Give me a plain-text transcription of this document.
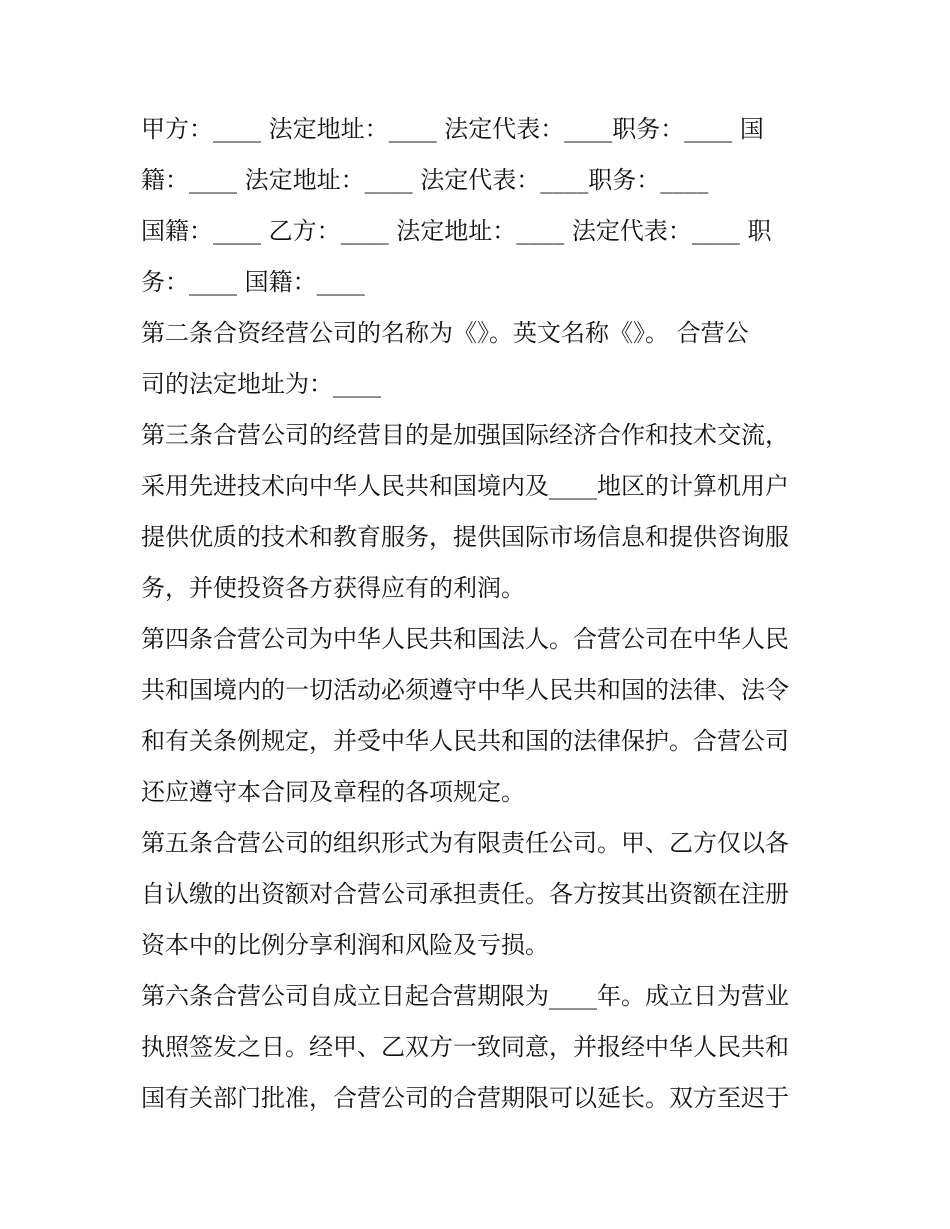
甲方：____ 法定地址：____ 法定代表：____职务：____ 国
籍：____ 法定地址：____ 法定代表：____职务：____
国籍：____ 乙方：____ 法定地址：____ 法定代表：____ 职
务：____ 国籍：____
第二条合资经营公司的名称为《》。英文名称《》。 合营公
司的法定地址为：____
第三条合营公司的经营目的是加强国际经济合作和技术交流，
采用先进技术向中华人民共和国境内及____地区的计算机用户
提供优质的技术和教育服务，提供国际市场信息和提供咨询服
务，并使投资各方获得应有的利润。
第四条合营公司为中华人民共和国法人。合营公司在中华人民
共和国境内的一切活动必须遵守中华人民共和国的法律、法令
和有关条例规定，并受中华人民共和国的法律保护。合营公司
还应遵守本合同及章程的各项规定。
第五条合营公司的组织形式为有限责任公司。甲、乙方仅以各
自认缴的出资额对合营公司承担责任。各方按其出资额在注册
资本中的比例分享利润和风险及亏损。
第六条合营公司自成立日起合营期限为____年。成立日为营业
执照签发之日。经甲、乙双方一致同意，并报经中华人民共和
国有关部门批准，合营公司的合营期限可以延长。双方至迟于
